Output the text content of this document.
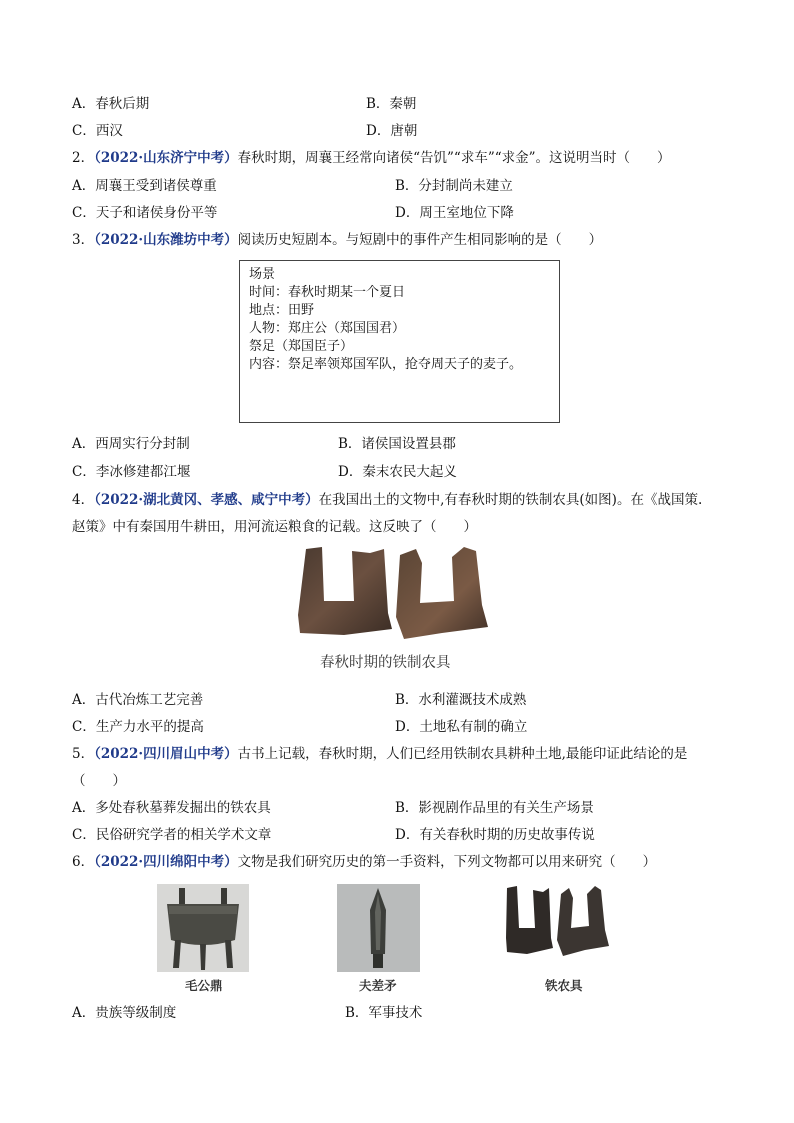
A．春秋后期	B．秦朝
C．西汉	D．唐朝
2．（2022·山东济宁中考）春秋时期，周襄王经常向诸侯“告饥”“求车”“求金”。这说明当时（　　）
A．周襄王受到诸侯尊重	B．分封制尚未建立
C．天子和诸侯身份平等	D．周王室地位下降
3．（2022·山东潍坊中考）阅读历史短剧本。与短剧中的事件产生相同影响的是（　　）
场景
时间：春秋时期某一个夏日
地点：田野
人物：郑庄公（郑国国君）
祭足（郑国臣子）
内容：祭足率领郑国军队，抢夺周天子的麦子。
A．西周实行分封制	B．诸侯国设置县郡
C．李冰修建都江堰	D．秦末农民大起义
4．（2022·湖北黄冈、孝感、咸宁中考）在我国出土的文物中,有春秋时期的铁制农具(如图)。在《战国策.
赵策》中有秦国用牛耕田，用河流运粮食的记载。这反映了（　　）
春秋时期的铁制农具
A．古代冶炼工艺完善	B．水利灌溉技术成熟
C．生产力水平的提高	D．土地私有制的确立
5．（2022·四川眉山中考）古书上记载，春秋时期，人们已经用铁制农具耕种土地,最能印证此结论的是
（　　）
A．多处春秋墓葬发掘出的铁农具	B．影视剧作品里的有关生产场景
C．民俗研究学者的相关学术文章	D．有关春秋时期的历史故事传说
6．（2022·四川绵阳中考）文物是我们研究历史的第一手资料，下列文物都可以用来研究（　　）
毛公鼎	夫差矛	铁农具
A．贵族等级制度	B．军事技术
